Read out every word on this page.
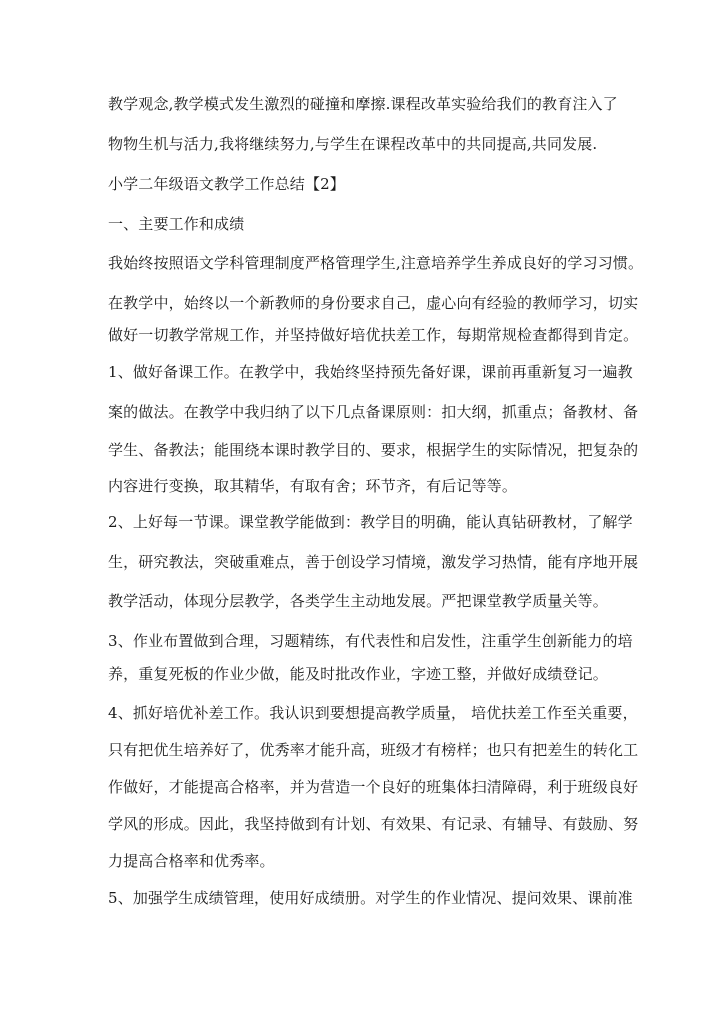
教学观念,教学模式发生激烈的碰撞和摩擦.课程改革实验给我们的教育注入了
物物生机与活力,我将继续努力,与学生在课程改革中的共同提高,共同发展.
小学二年级语文教学工作总结【2】
一、主要工作和成绩
我始终按照语文学科管理制度严格管理学生,注意培养学生养成良好的学习习惯。
在教学中，始终以一个新教师的身份要求自己，虚心向有经验的教师学习，切实
做好一切教学常规工作，并坚持做好培优扶差工作，每期常规检查都得到肯定。
1、做好备课工作。在教学中，我始终坚持预先备好课，课前再重新复习一遍教
案的做法。在教学中我归纳了以下几点备课原则：扣大纲，抓重点；备教材、备
学生、备教法；能围绕本课时教学目的、要求，根据学生的实际情况，把复杂的
内容进行变换，取其精华，有取有舍；环节齐，有后记等等。
2、上好每一节课。课堂教学能做到：教学目的明确，能认真钻研教材，了解学
生，研究教法，突破重难点，善于创设学习情境，激发学习热情，能有序地开展
教学活动，体现分层教学，各类学生主动地发展。严把课堂教学质量关等。
3、作业布置做到合理，习题精练，有代表性和启发性，注重学生创新能力的培
养，重复死板的作业少做，能及时批改作业，字迹工整，并做好成绩登记。
4、抓好培优补差工作。我认识到要想提高教学质量， 培优扶差工作至关重要，
只有把优生培养好了，优秀率才能升高，班级才有榜样；也只有把差生的转化工
作做好，才能提高合格率，并为营造一个良好的班集体扫清障碍，利于班级良好
学风的形成。因此，我坚持做到有计划、有效果、有记录、有辅导、有鼓励、努
力提高合格率和优秀率。
5、加强学生成绩管理，使用好成绩册。对学生的作业情况、提问效果、课前准
